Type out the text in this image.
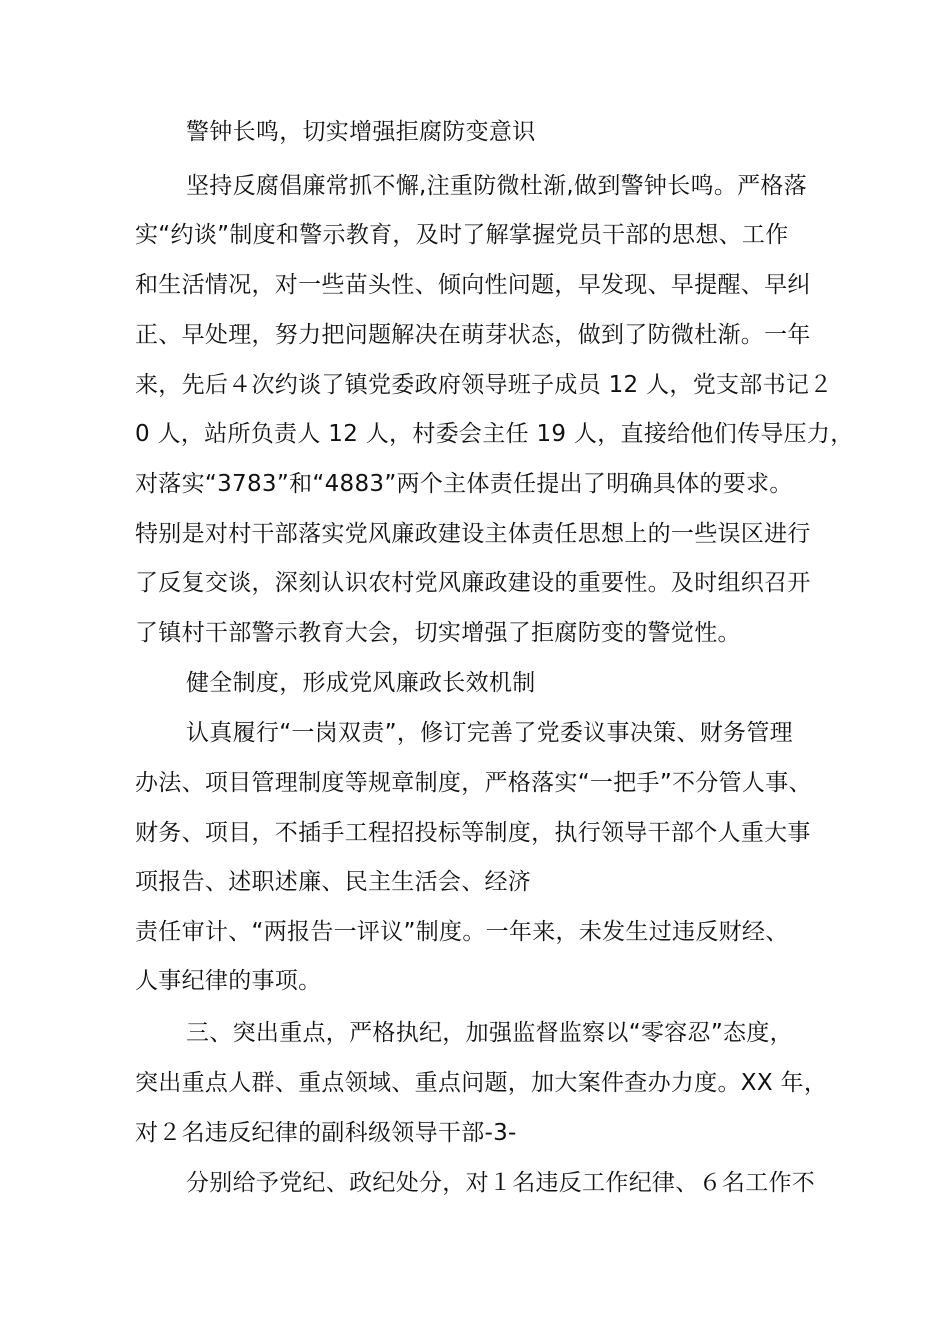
警钟长鸣，切实增强拒腐防变意识
坚持反腐倡廉常抓不懈,注重防微杜渐,做到警钟长鸣。严格落
实“约谈”制度和警示教育，及时了解掌握党员干部的思想、工作
和生活情况，对一些苗头性、倾向性问题，早发现、早提醒、早纠
正、早处理，努力把问题解决在萌芽状态，做到了防微杜渐。一年
来，先后４次约谈了镇党委政府领导班子成员 12 人，党支部书记２
0 人，站所负责人 12 人，村委会主任 19 人，直接给他们传导压力，
对落实“3783”和“4883”两个主体责任提出了明确具体的要求。
特别是对村干部落实党风廉政建设主体责任思想上的一些误区进行
了反复交谈，深刻认识农村党风廉政建设的重要性。及时组织召开
了镇村干部警示教育大会，切实增强了拒腐防变的警觉性。
健全制度，形成党风廉政长效机制
认真履行“一岗双责”，修订完善了党委议事决策、财务管理
办法、项目管理制度等规章制度，严格落实“一把手”不分管人事、
财务、项目，不插手工程招投标等制度，执行领导干部个人重大事
项报告、述职述廉、民主生活会、经济
责任审计、“两报告一评议”制度。一年来，未发生过违反财经、
人事纪律的事项。
三、突出重点，严格执纪，加强监督监察以“零容忍”态度，
突出重点人群、重点领域、重点问题，加大案件查办力度。XX 年，
对２名违反纪律的副科级领导干部-3-
分别给予党纪、政纪处分，对１名违反工作纪律、６名工作不
